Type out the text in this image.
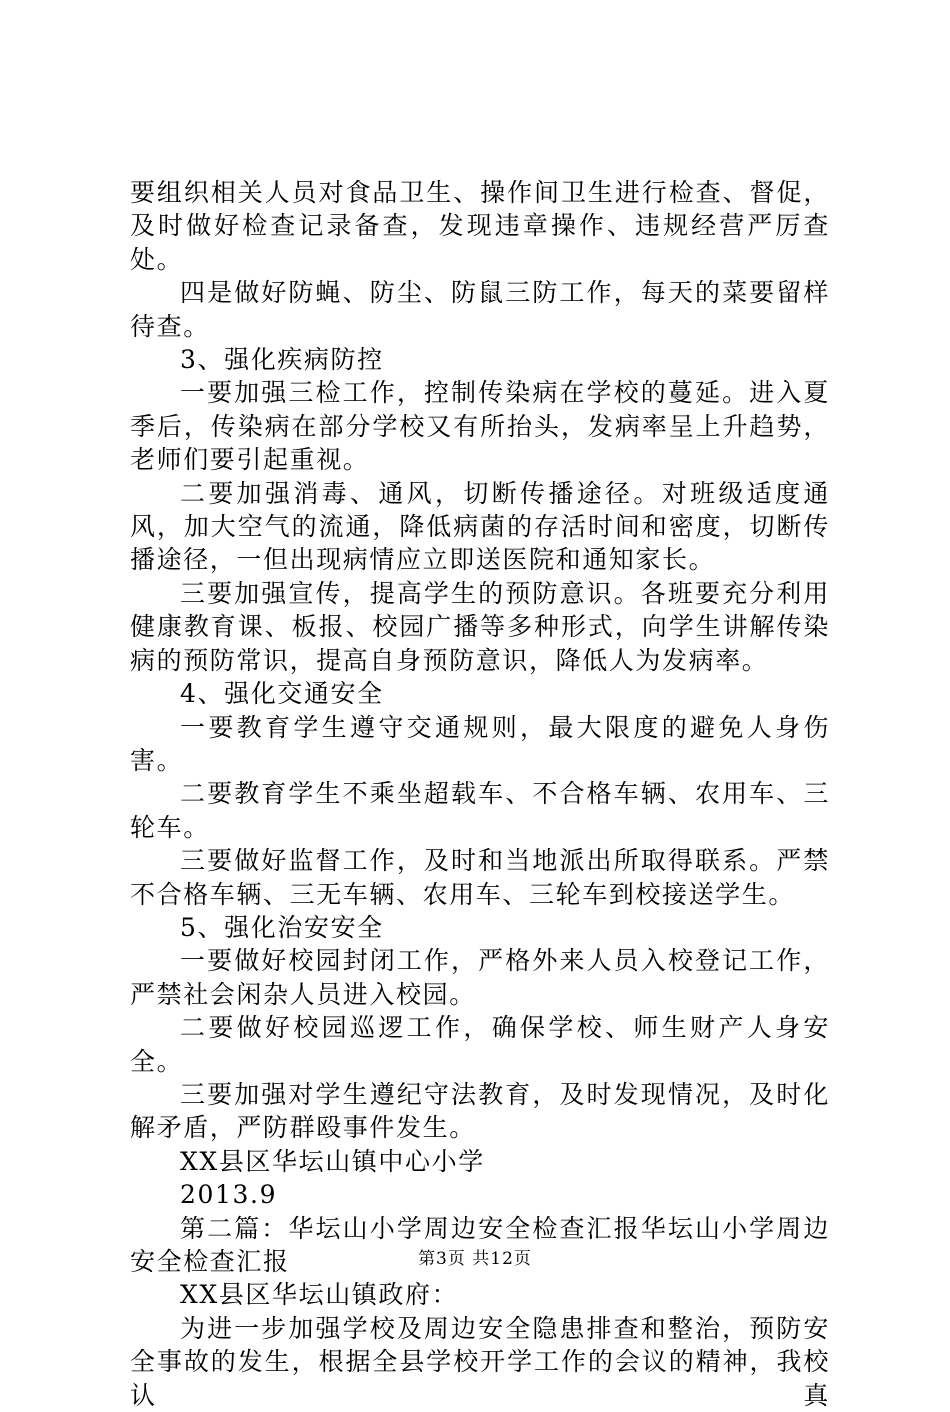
要组织相关人员对食品卫生、操作间卫生进行检查、督促，及时做好检查记录备查，发现违章操作、违规经营严厉查处。

四是做好防蝇、防尘、防鼠三防工作，每天的菜要留样待查。

3、强化疾病防控

一要加强三检工作，控制传染病在学校的蔓延。进入夏季后，传染病在部分学校又有所抬头，发病率呈上升趋势，老师们要引起重视。

二要加强消毒、通风，切断传播途径。对班级适度通风，加大空气的流通，降低病菌的存活时间和密度，切断传播途径，一但出现病情应立即送医院和通知家长。

三要加强宣传，提高学生的预防意识。各班要充分利用健康教育课、板报、校园广播等多种形式，向学生讲解传染病的预防常识，提高自身预防意识，降低人为发病率。

4、强化交通安全

一要教育学生遵守交通规则，最大限度的避免人身伤害。

二要教育学生不乘坐超载车、不合格车辆、农用车、三轮车。

三要做好监督工作，及时和当地派出所取得联系。严禁不合格车辆、三无车辆、农用车、三轮车到校接送学生。

5、强化治安安全

一要做好校园封闭工作，严格外来人员入校登记工作，严禁社会闲杂人员进入校园。

二要做好校园巡逻工作，确保学校、师生财产人身安全。

三要加强对学生遵纪守法教育，及时发现情况，及时化解矛盾，严防群殴事件发生。

XX县区华坛山镇中心小学

2013.9

第二篇：华坛山小学周边安全检查汇报华坛山小学周边安全检查汇报

XX县区华坛山镇政府：

为进一步加强学校及周边安全隐患排查和整治，预防安全事故的发生，根据全县学校开学工作的会议的精神，我校认真

第3页 共12页
